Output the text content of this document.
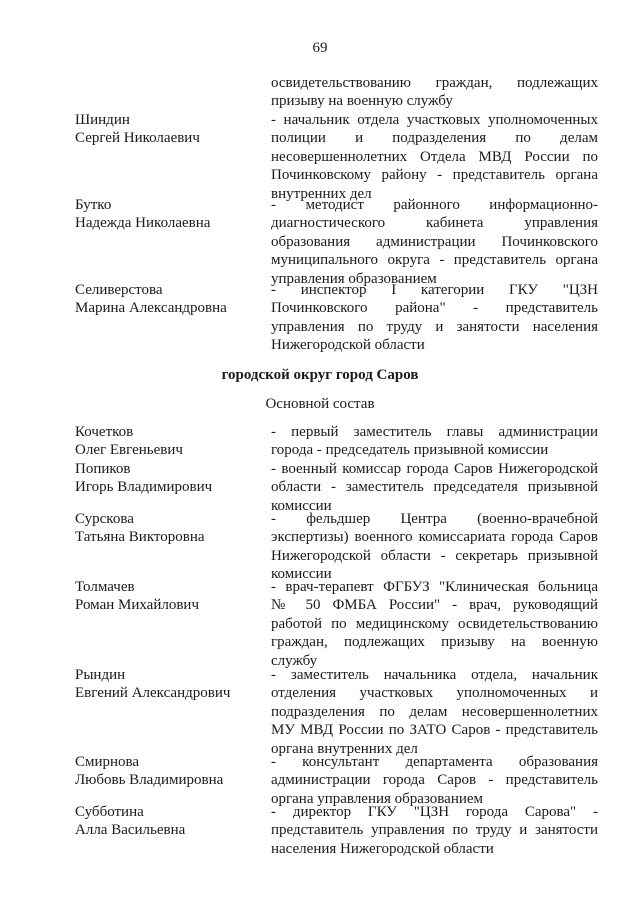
69
городской округ город Саров
Основной состав
освидетельствованию граждан, подлежащих
призыву на военную службу
Шиндин
Сергей Николаевич
- начальник отдела участковых уполномоченных
полиции и подразделения по делам
несовершеннолетних Отдела МВД России по
Починковскому району - представитель органа
внутренних дел
Бутко
Надежда Николаевна
- методист районного информационно-
диагностического кабинета управления
образования администрации Починковского
муниципального округа - представитель органа
управления образованием
Селиверстова
Марина Александровна
- инспектор I категории ГКУ "ЦЗН
Починковского района" - представитель
управления по труду и занятости населения
Нижегородской области
Кочетков
Олег Евгеньевич
- первый заместитель главы администрации
города - председатель призывной комиссии
Попиков
Игорь Владимирович
- военный комиссар города Саров Нижегородской
области - заместитель председателя призывной
комиссии
Сурскова
Татьяна Викторовна
- фельдшер Центра (военно-врачебной
экспертизы) военного комиссариата города Саров
Нижегородской области - секретарь призывной
комиссии
Толмачев
Роман Михайлович
- врач-терапевт ФГБУЗ "Клиническая больница
№ 50 ФМБА России" - врач, руководящий
работой по медицинскому освидетельствованию
граждан, подлежащих призыву на военную
службу
Рындин
Евгений Александрович
- заместитель начальника отдела, начальник
отделения участковых уполномоченных и
подразделения по делам несовершеннолетних
МУ МВД России по ЗАТО Саров - представитель
органа внутренних дел
Смирнова
Любовь Владимировна
- консультант департамента образования
администрации города Саров - представитель
органа управления образованием
Субботина
Алла Васильевна
- директор ГКУ "ЦЗН города Сарова" -
представитель управления по труду и занятости
населения Нижегородской области
